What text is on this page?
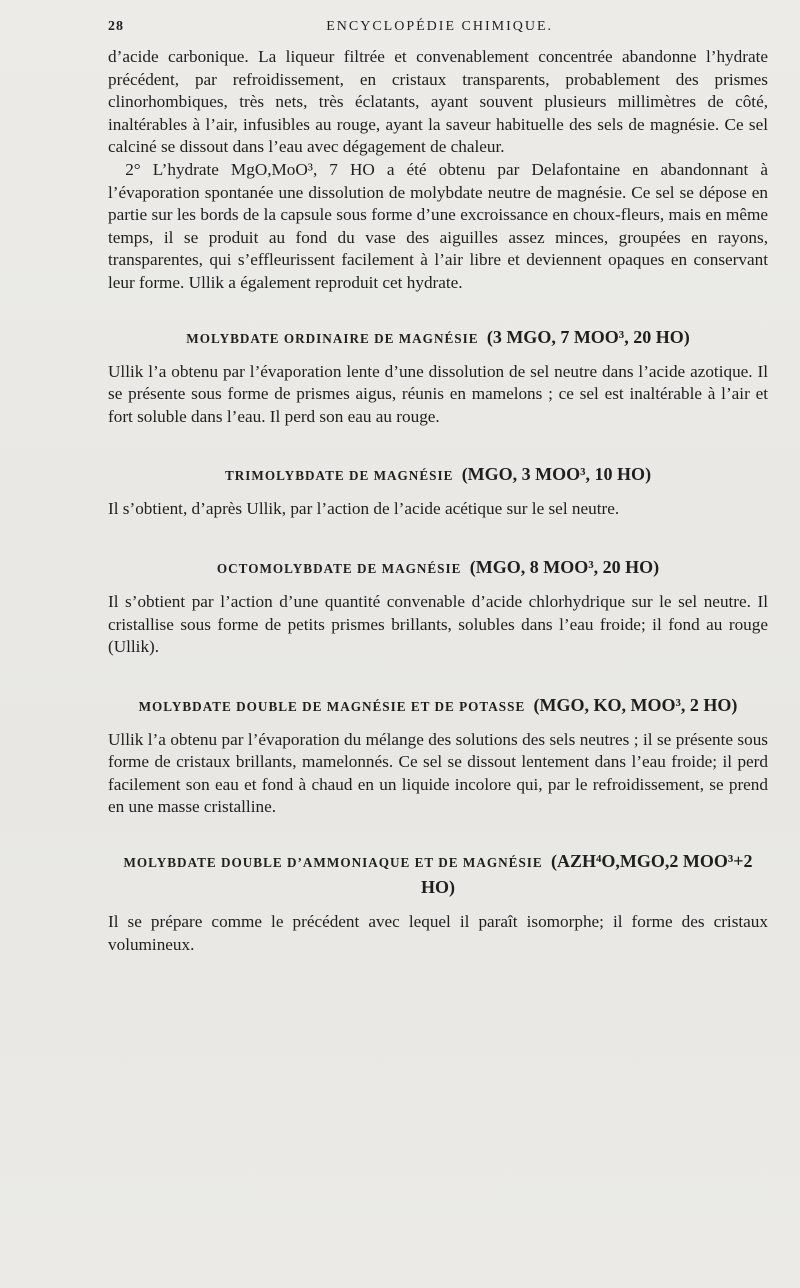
28	ENCYCLOPÉDIE CHIMIQUE.

d’acide carbonique. La liqueur filtrée et convenablement concentrée abandonne l’hydrate précédent, par refroidissement, en cristaux transparents, probablement des prismes clinorhombiques, très nets, très éclatants, ayant souvent plusieurs millimètres de côté, inaltérables à l’air, infusibles au rouge, ayant la saveur habituelle des sels de magnésie. Ce sel calciné se dissout dans l’eau avec dégagement de chaleur.

2° L’hydrate MgO,MoO³, 7 HO a été obtenu par Delafontaine en abandonnant à l’évaporation spontanée une dissolution de molybdate neutre de magnésie. Ce sel se dépose en partie sur les bords de la capsule sous forme d’une excroissance en choux-fleurs, mais en même temps, il se produit au fond du vase des aiguilles assez minces, groupées en rayons, transparentes, qui s’effleurissent facilement à l’air libre et deviennent opaques en conservant leur forme. Ullik a également reproduit cet hydrate.

MOLYBDATE ORDINAIRE DE MAGNÉSIE (3 MGO, 7 MOO³, 20 HO)

Ullik l’a obtenu par l’évaporation lente d’une dissolution de sel neutre dans l’acide azotique. Il se présente sous forme de prismes aigus, réunis en mamelons ; ce sel est inaltérable à l’air et fort soluble dans l’eau. Il perd son eau au rouge.

TRIMOLYBDATE DE MAGNÉSIE (MGO, 3 MOO³, 10 HO)

Il s’obtient, d’après Ullik, par l’action de l’acide acétique sur le sel neutre.

OCTOMOLYBDATE DE MAGNÉSIE (MGO, 8 MOO³, 20 HO)

Il s’obtient par l’action d’une quantité convenable d’acide chlorhydrique sur le sel neutre. Il cristallise sous forme de petits prismes brillants, solubles dans l’eau froide; il fond au rouge (Ullik).

MOLYBDATE DOUBLE DE MAGNÉSIE ET DE POTASSE (MGO, KO, MOO³, 2 HO)

Ullik l’a obtenu par l’évaporation du mélange des solutions des sels neutres ; il se présente sous forme de cristaux brillants, mamelonnés. Ce sel se dissout lentement dans l’eau froide; il perd facilement son eau et fond à chaud en un liquide incolore qui, par le refroidissement, se prend en une masse cristalline.

MOLYBDATE DOUBLE D’AMMONIAQUE ET DE MAGNÉSIE (AZH⁴O,MGO,2 MOO³+2 HO)

Il se prépare comme le précédent avec lequel il paraît isomorphe; il forme des cristaux volumineux.
